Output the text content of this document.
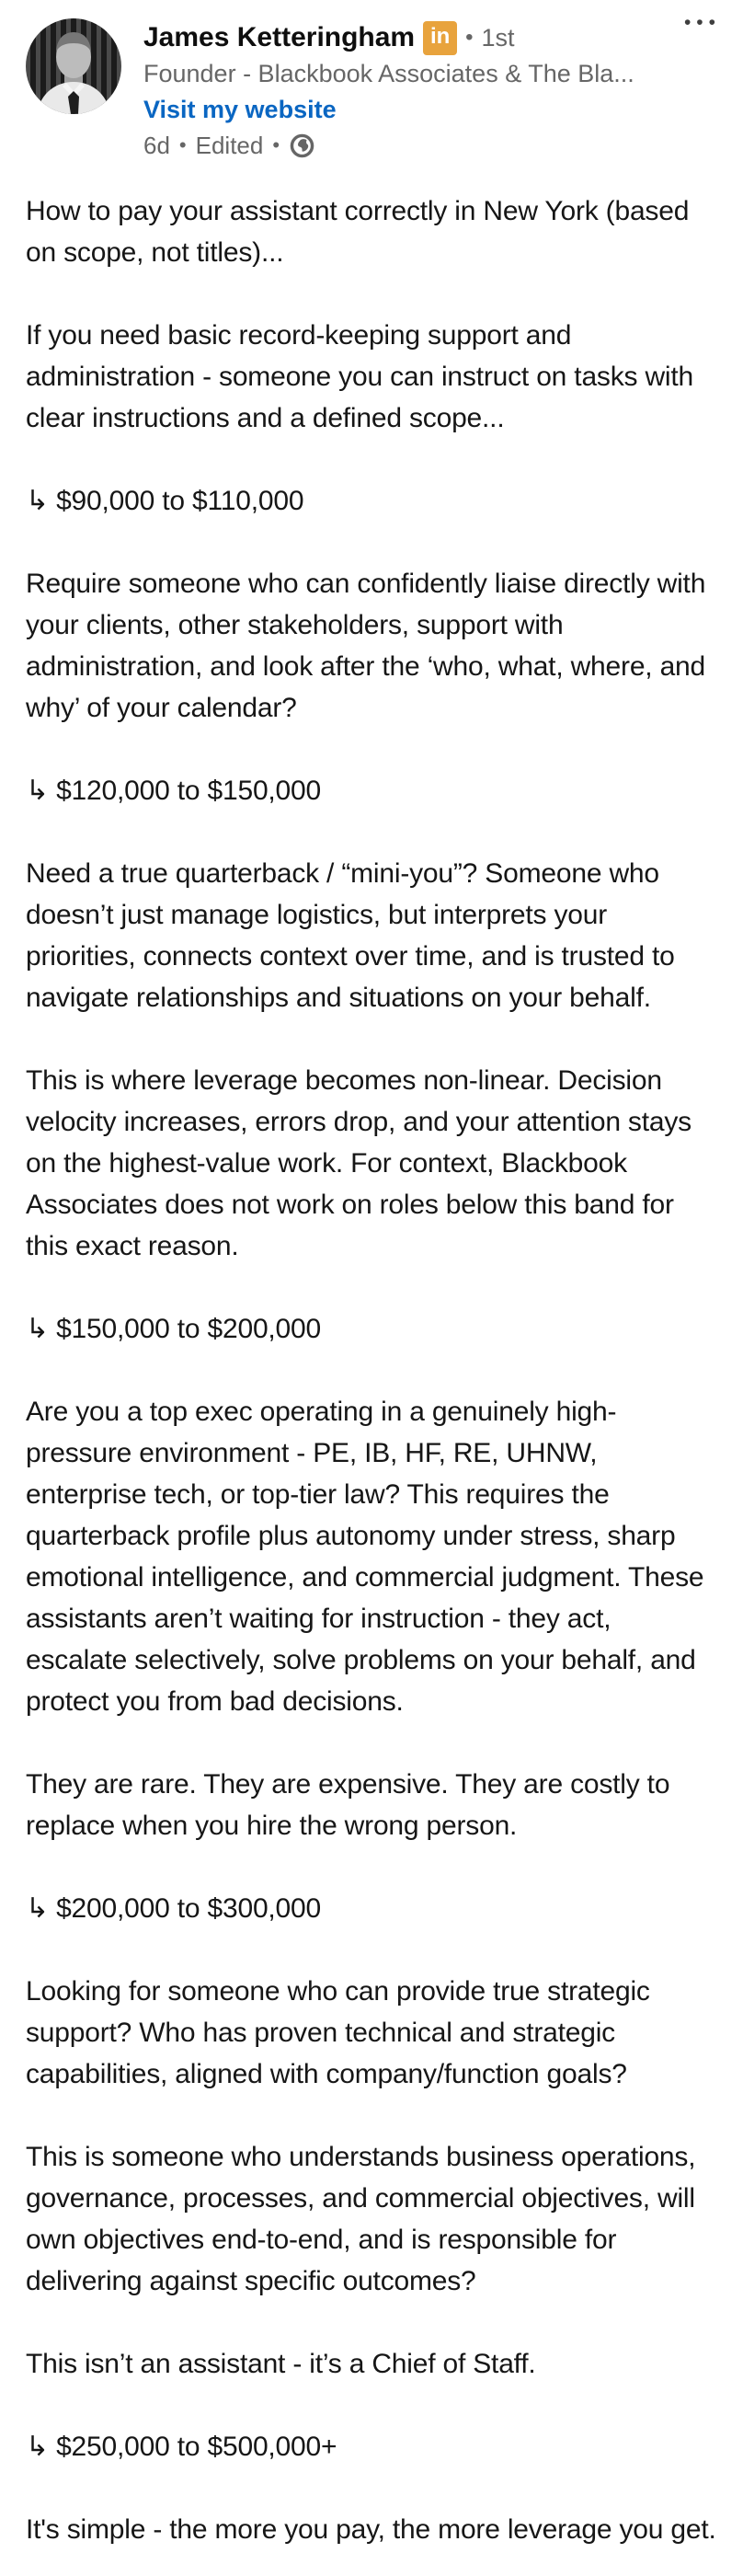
•••
James Ketteringham in • 1st
Founder - Blackbook Associates & The Bla...
Visit my website
6d • Edited •

How to pay your assistant correctly in New York (based on scope, not titles)...

If you need basic record-keeping support and administration - someone you can instruct on tasks with clear instructions and a defined scope...

↳ $90,000 to $110,000

Require someone who can confidently liaise directly with your clients, other stakeholders, support with administration, and look after the ‘who, what, where, and why’ of your calendar?

↳ $120,000 to $150,000

Need a true quarterback / “mini-you”? Someone who doesn’t just manage logistics, but interprets your priorities, connects context over time, and is trusted to navigate relationships and situations on your behalf.

This is where leverage becomes non-linear. Decision velocity increases, errors drop, and your attention stays on the highest-value work. For context, Blackbook Associates does not work on roles below this band for this exact reason.

↳ $150,000 to $200,000

Are you a top exec operating in a genuinely high-pressure environment - PE, IB, HF, RE, UHNW, enterprise tech, or top-tier law? This requires the quarterback profile plus autonomy under stress, sharp emotional intelligence, and commercial judgment. These assistants aren’t waiting for instruction - they act, escalate selectively, solve problems on your behalf, and protect you from bad decisions.

They are rare. They are expensive. They are costly to replace when you hire the wrong person.

↳ $200,000 to $300,000

Looking for someone who can provide true strategic support? Who has proven technical and strategic capabilities, aligned with company/function goals?

This is someone who understands business operations, governance, processes, and commercial objectives, will own objectives end-to-end, and is responsible for delivering against specific outcomes?

This isn’t an assistant - it’s a Chief of Staff.

↳ $250,000 to $500,000+

It's simple - the more you pay, the more leverage you get.
